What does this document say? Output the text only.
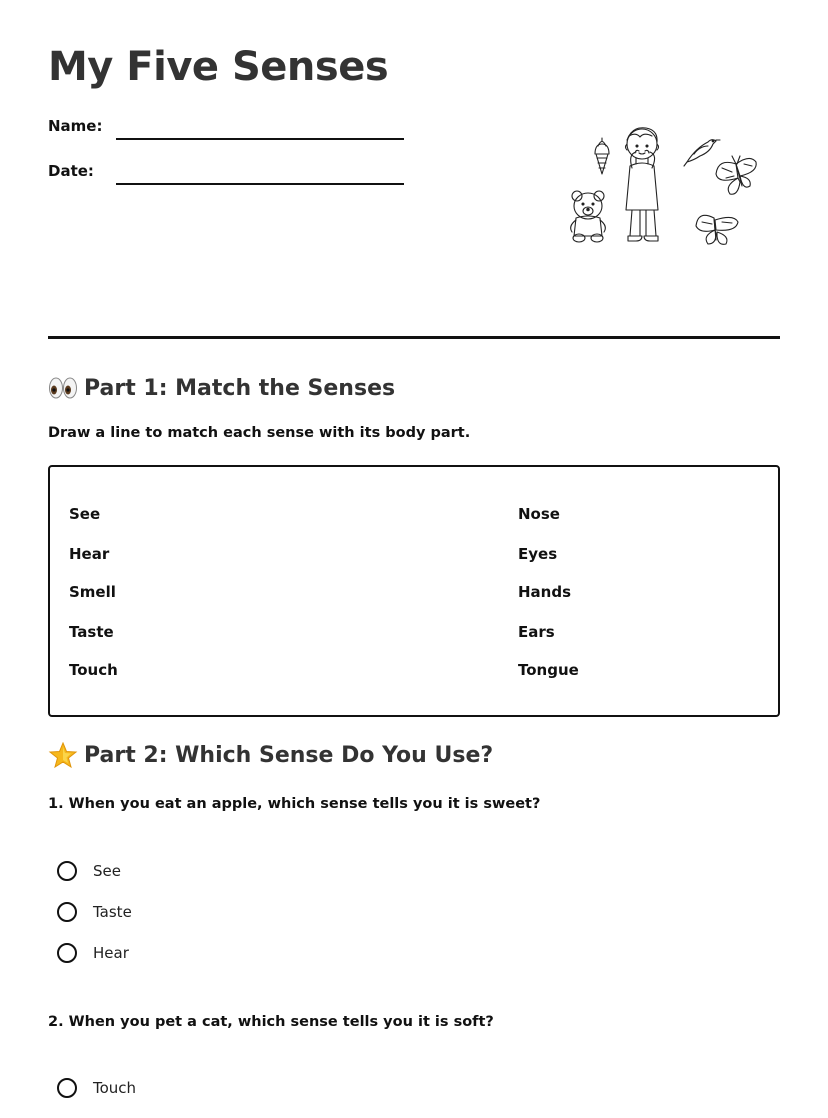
My Five Senses
Name:
Date:
Part 1: Match the Senses
Draw a line to match each sense with its body part.
See
Hear
Smell
Taste
Touch
Nose
Eyes
Hands
Ears
Tongue
Part 2: Which Sense Do You Use?
1. When you eat an apple, which sense tells you it is sweet?
See
Taste
Hear
2. When you pet a cat, which sense tells you it is soft?
Touch
